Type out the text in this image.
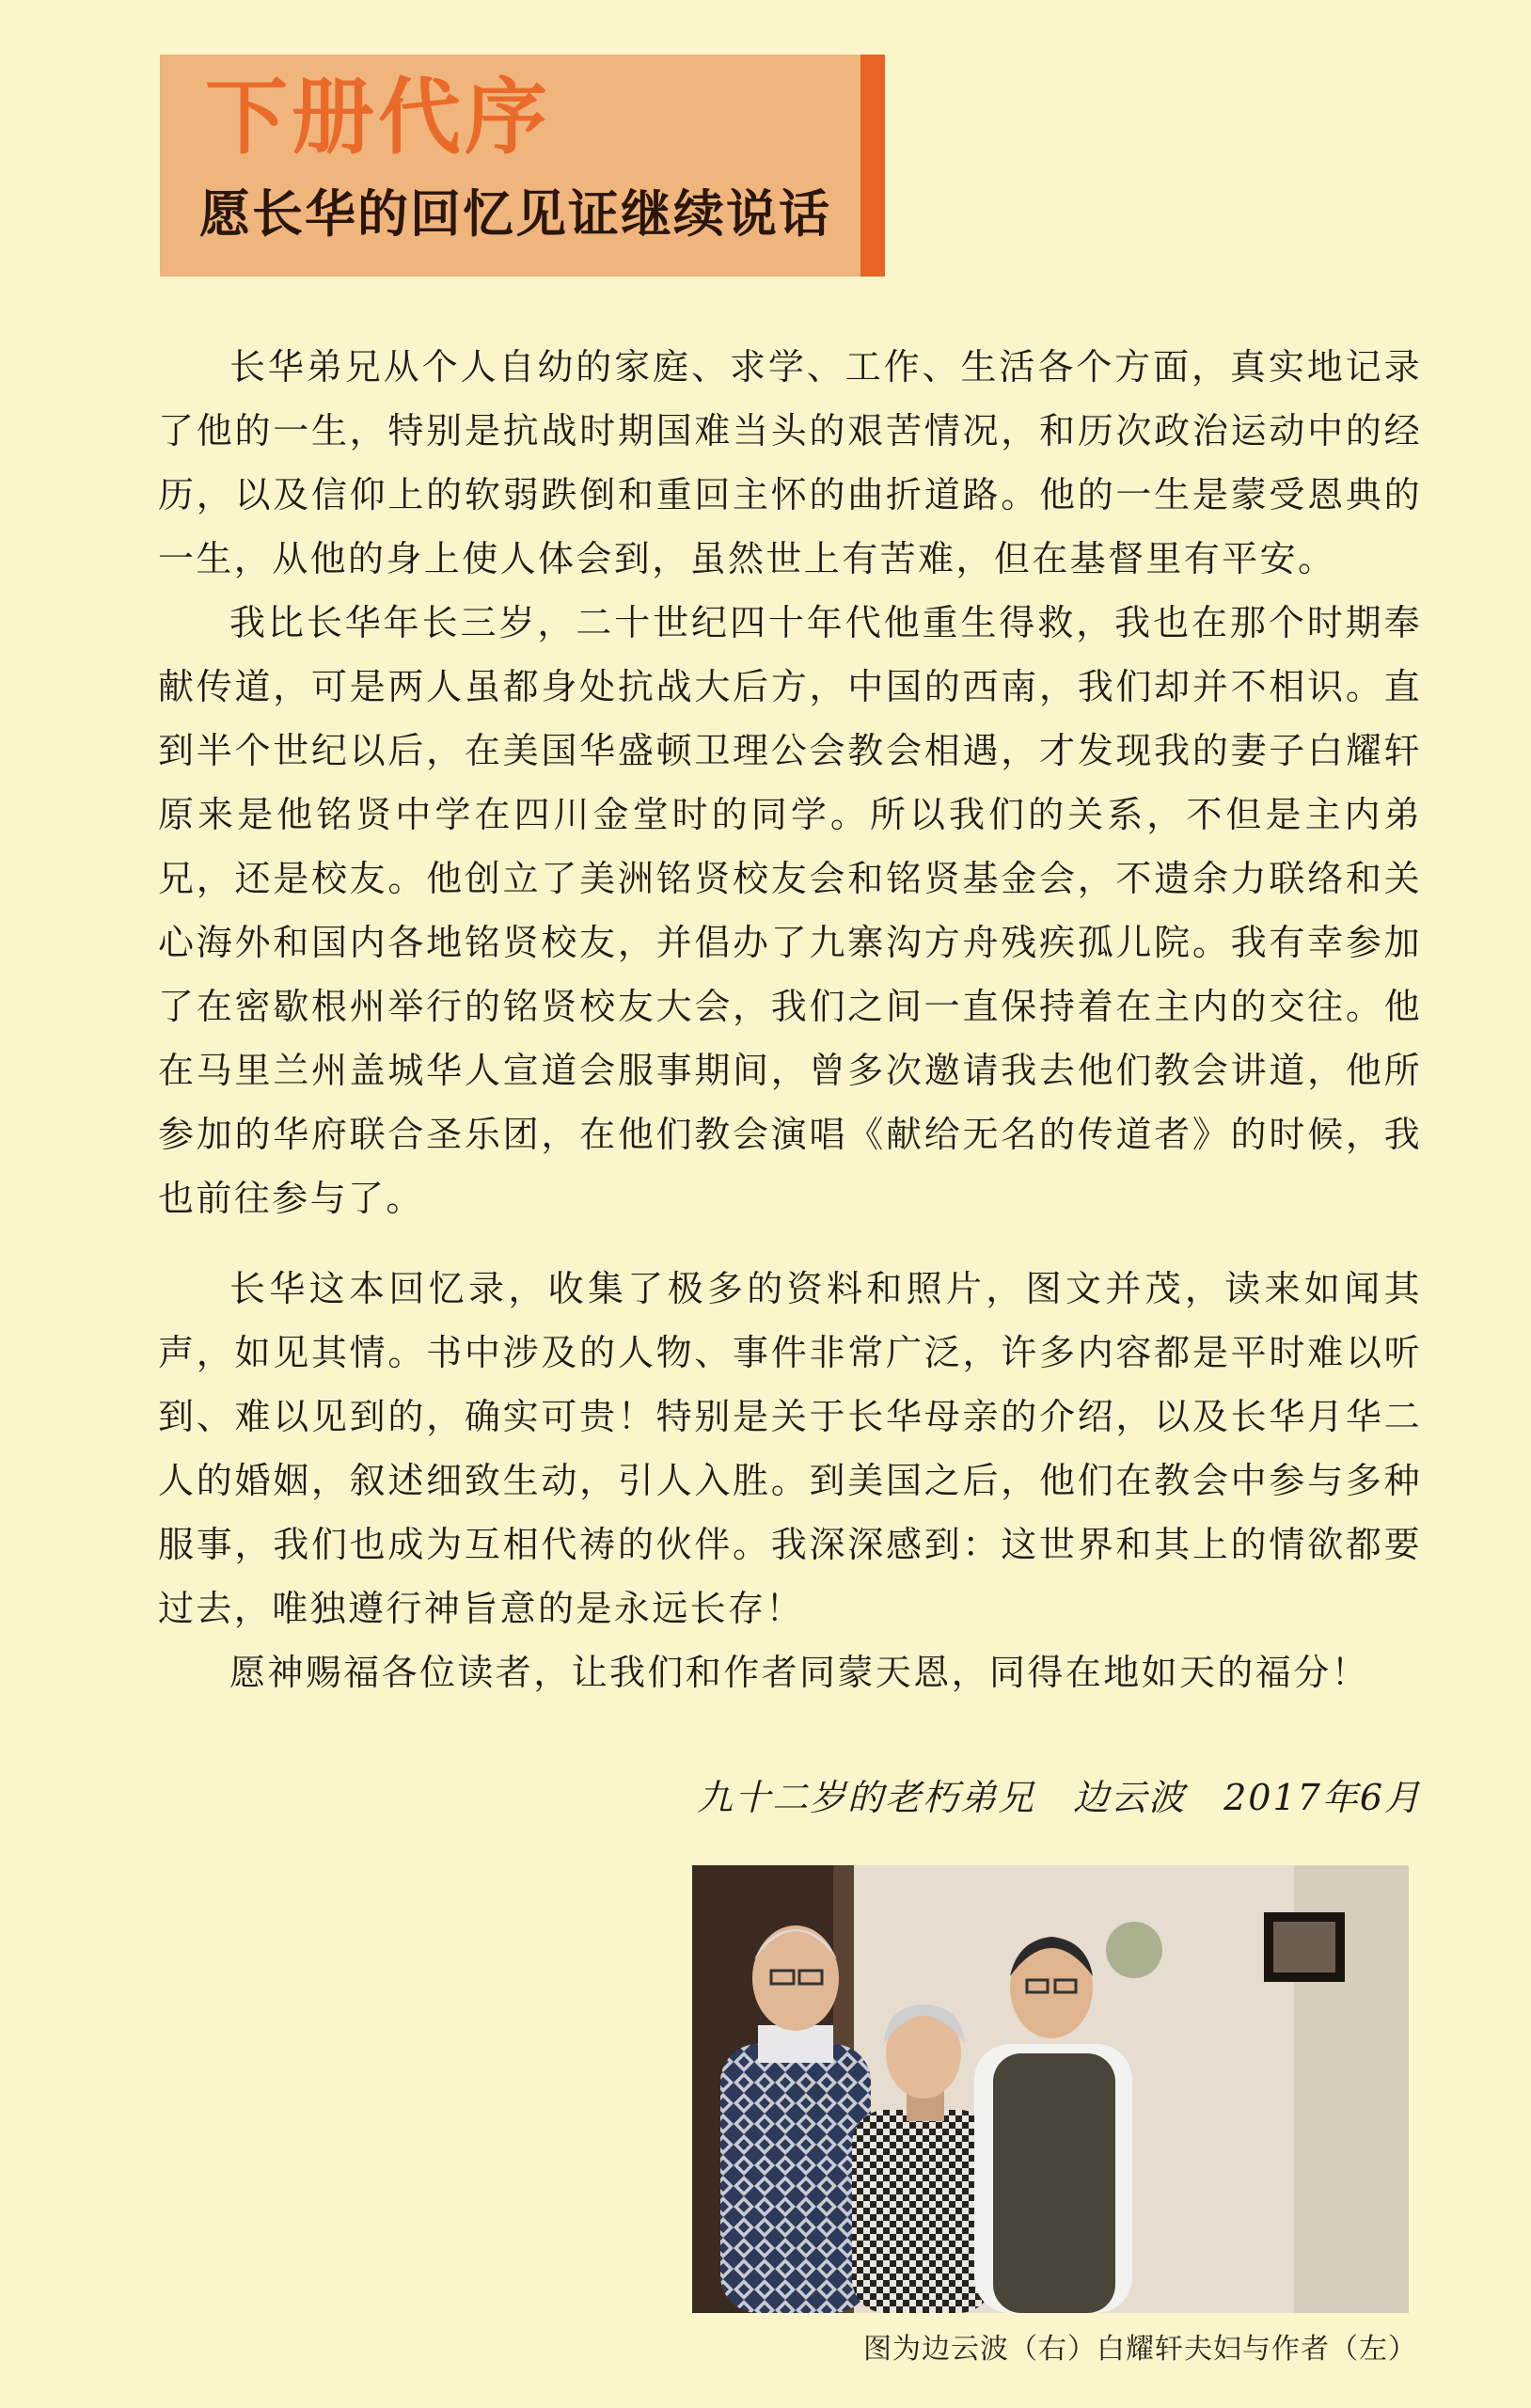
下册代序
愿长华的回忆见证继续说话

长华弟兄从个人自幼的家庭、求学、工作、生活各个方面，真实地记录了他的一生，特别是抗战时期国难当头的艰苦情况，和历次政治运动中的经历，以及信仰上的软弱跌倒和重回主怀的曲折道路。他的一生是蒙受恩典的一生，从他的身上使人体会到，虽然世上有苦难，但在基督里有平安。

我比长华年长三岁，二十世纪四十年代他重生得救，我也在那个时期奉献传道，可是两人虽都身处抗战大后方，中国的西南，我们却并不相识。直到半个世纪以后，在美国华盛顿卫理公会教会相遇，才发现我的妻子白耀轩原来是他铭贤中学在四川金堂时的同学。所以我们的关系，不但是主内弟兄，还是校友。他创立了美洲铭贤校友会和铭贤基金会，不遗余力联络和关心海外和国内各地铭贤校友，并倡办了九寨沟方舟残疾孤儿院。我有幸参加了在密歇根州举行的铭贤校友大会，我们之间一直保持着在主内的交往。他在马里兰州盖城华人宣道会服事期间，曾多次邀请我去他们教会讲道，他所参加的华府联合圣乐团，在他们教会演唱《献给无名的传道者》的时候，我也前往参与了。

长华这本回忆录，收集了极多的资料和照片，图文并茂，读来如闻其声，如见其情。书中涉及的人物、事件非常广泛，许多内容都是平时难以听到、难以见到的，确实可贵！特别是关于长华母亲的介绍，以及长华月华二人的婚姻，叙述细致生动，引人入胜。到美国之后，他们在教会中参与多种服事，我们也成为互相代祷的伙伴。我深深感到：这世界和其上的情欲都要过去，唯独遵行神旨意的是永远长存！

愿神赐福各位读者，让我们和作者同蒙天恩，同得在地如天的福分！

九十二岁的老朽弟兄 边云波 2017年6月
图为边云波（右）白耀轩夫妇与作者（左）
